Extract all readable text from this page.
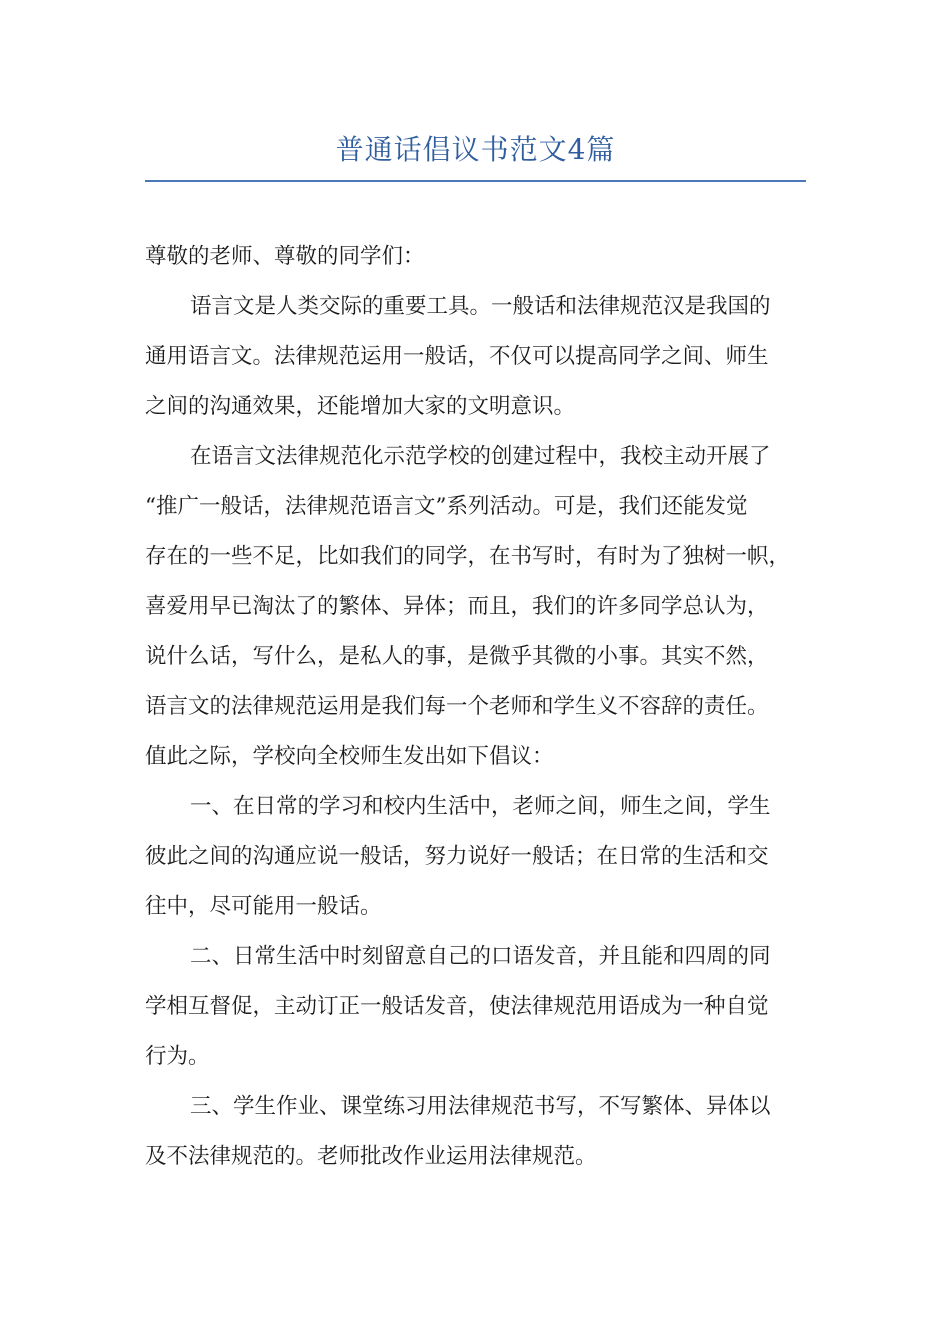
普通话倡议书范文4篇

尊敬的老师、尊敬的同学们：

语言文是人类交际的重要工具。一般话和法律规范汉是我国的
通用语言文。法律规范运用一般话，不仅可以提高同学之间、师生
之间的沟通效果，还能增加大家的文明意识。

在语言文法律规范化示范学校的创建过程中，我校主动开展了
“推广一般话，法律规范语言文”系列活动。可是，我们还能发觉
存在的一些不足，比如我们的同学，在书写时，有时为了独树一帜，
喜爱用早已淘汰了的繁体、异体；而且，我们的许多同学总认为，
说什么话，写什么，是私人的事，是微乎其微的小事。其实不然，
语言文的法律规范运用是我们每一个老师和学生义不容辞的责任。
值此之际，学校向全校师生发出如下倡议：

一、在日常的学习和校内生活中，老师之间，师生之间，学生
彼此之间的沟通应说一般话，努力说好一般话；在日常的生活和交
往中，尽可能用一般话。

二、日常生活中时刻留意自己的口语发音，并且能和四周的同
学相互督促，主动订正一般话发音，使法律规范用语成为一种自觉
行为。

三、学生作业、课堂练习用法律规范书写，不写繁体、异体以
及不法律规范的。老师批改作业运用法律规范。
